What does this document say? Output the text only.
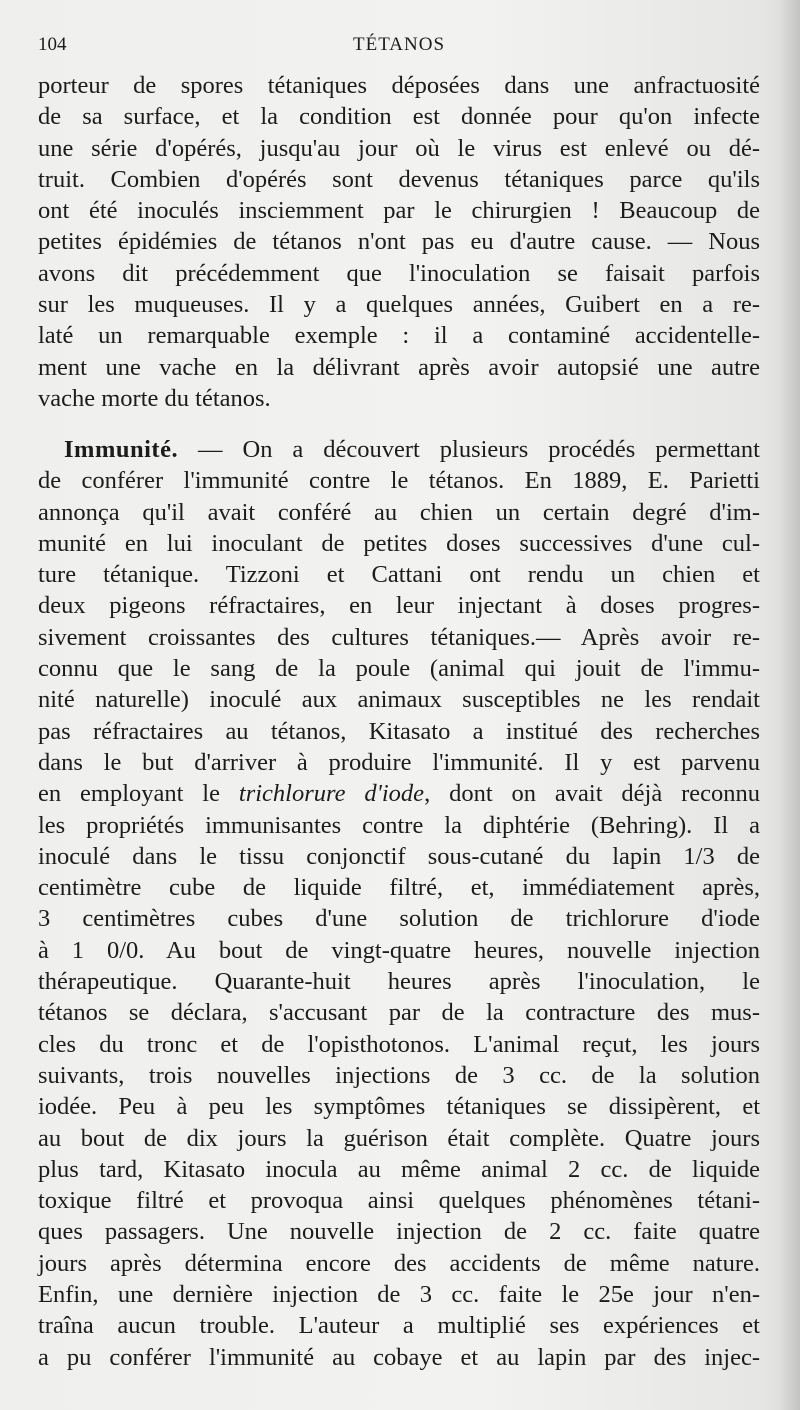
104	TÉTANOS
porteur de spores tétaniques déposées dans une anfractuosité
de sa surface, et la condition est donnée pour qu'on infecte
une série d'opérés, jusqu'au jour où le virus est enlevé ou dé-
truit. Combien d'opérés sont devenus tétaniques parce qu'ils
ont été inoculés insciemment par le chirurgien ! Beaucoup de
petites épidémies de tétanos n'ont pas eu d'autre cause. — Nous
avons dit précédemment que l'inoculation se faisait parfois
sur les muqueuses. Il y a quelques années, Guibert en a re-
laté un remarquable exemple : il a contaminé accidentelle-
ment une vache en la délivrant après avoir autopsié une autre
vache morte du tétanos.
Immunité. — On a découvert plusieurs procédés permettant
de conférer l'immunité contre le tétanos. En 1889, E. Parietti
annonça qu'il avait conféré au chien un certain degré d'im-
munité en lui inoculant de petites doses successives d'une cul-
ture tétanique. Tizzoni et Cattani ont rendu un chien et
deux pigeons réfractaires, en leur injectant à doses progres-
sivement croissantes des cultures tétaniques.— Après avoir re-
connu que le sang de la poule (animal qui jouit de l'immu-
nité naturelle) inoculé aux animaux susceptibles ne les rendait
pas réfractaires au tétanos, Kitasato a institué des recherches
dans le but d'arriver à produire l'immunité. Il y est parvenu
en employant le trichlorure d'iode, dont on avait déjà reconnu
les propriétés immunisantes contre la diphtérie (Behring). Il a
inoculé dans le tissu conjonctif sous-cutané du lapin 1/3 de
centimètre cube de liquide filtré, et, immédiatement après,
3 centimètres cubes d'une solution de trichlorure d'iode
à 1 0/0. Au bout de vingt-quatre heures, nouvelle injection
thérapeutique. Quarante-huit heures après l'inoculation, le
tétanos se déclara, s'accusant par de la contracture des mus-
cles du tronc et de l'opisthotonos. L'animal reçut, les jours
suivants, trois nouvelles injections de 3 cc. de la solution
iodée. Peu à peu les symptômes tétaniques se dissipèrent, et
au bout de dix jours la guérison était complète. Quatre jours
plus tard, Kitasato inocula au même animal 2 cc. de liquide
toxique filtré et provoqua ainsi quelques phénomènes tétani-
ques passagers. Une nouvelle injection de 2 cc. faite quatre
jours après détermina encore des accidents de même nature.
Enfin, une dernière injection de 3 cc. faite le 25e jour n'en-
traîna aucun trouble. L'auteur a multiplié ses expériences et
a pu conférer l'immunité au cobaye et au lapin par des injec-
